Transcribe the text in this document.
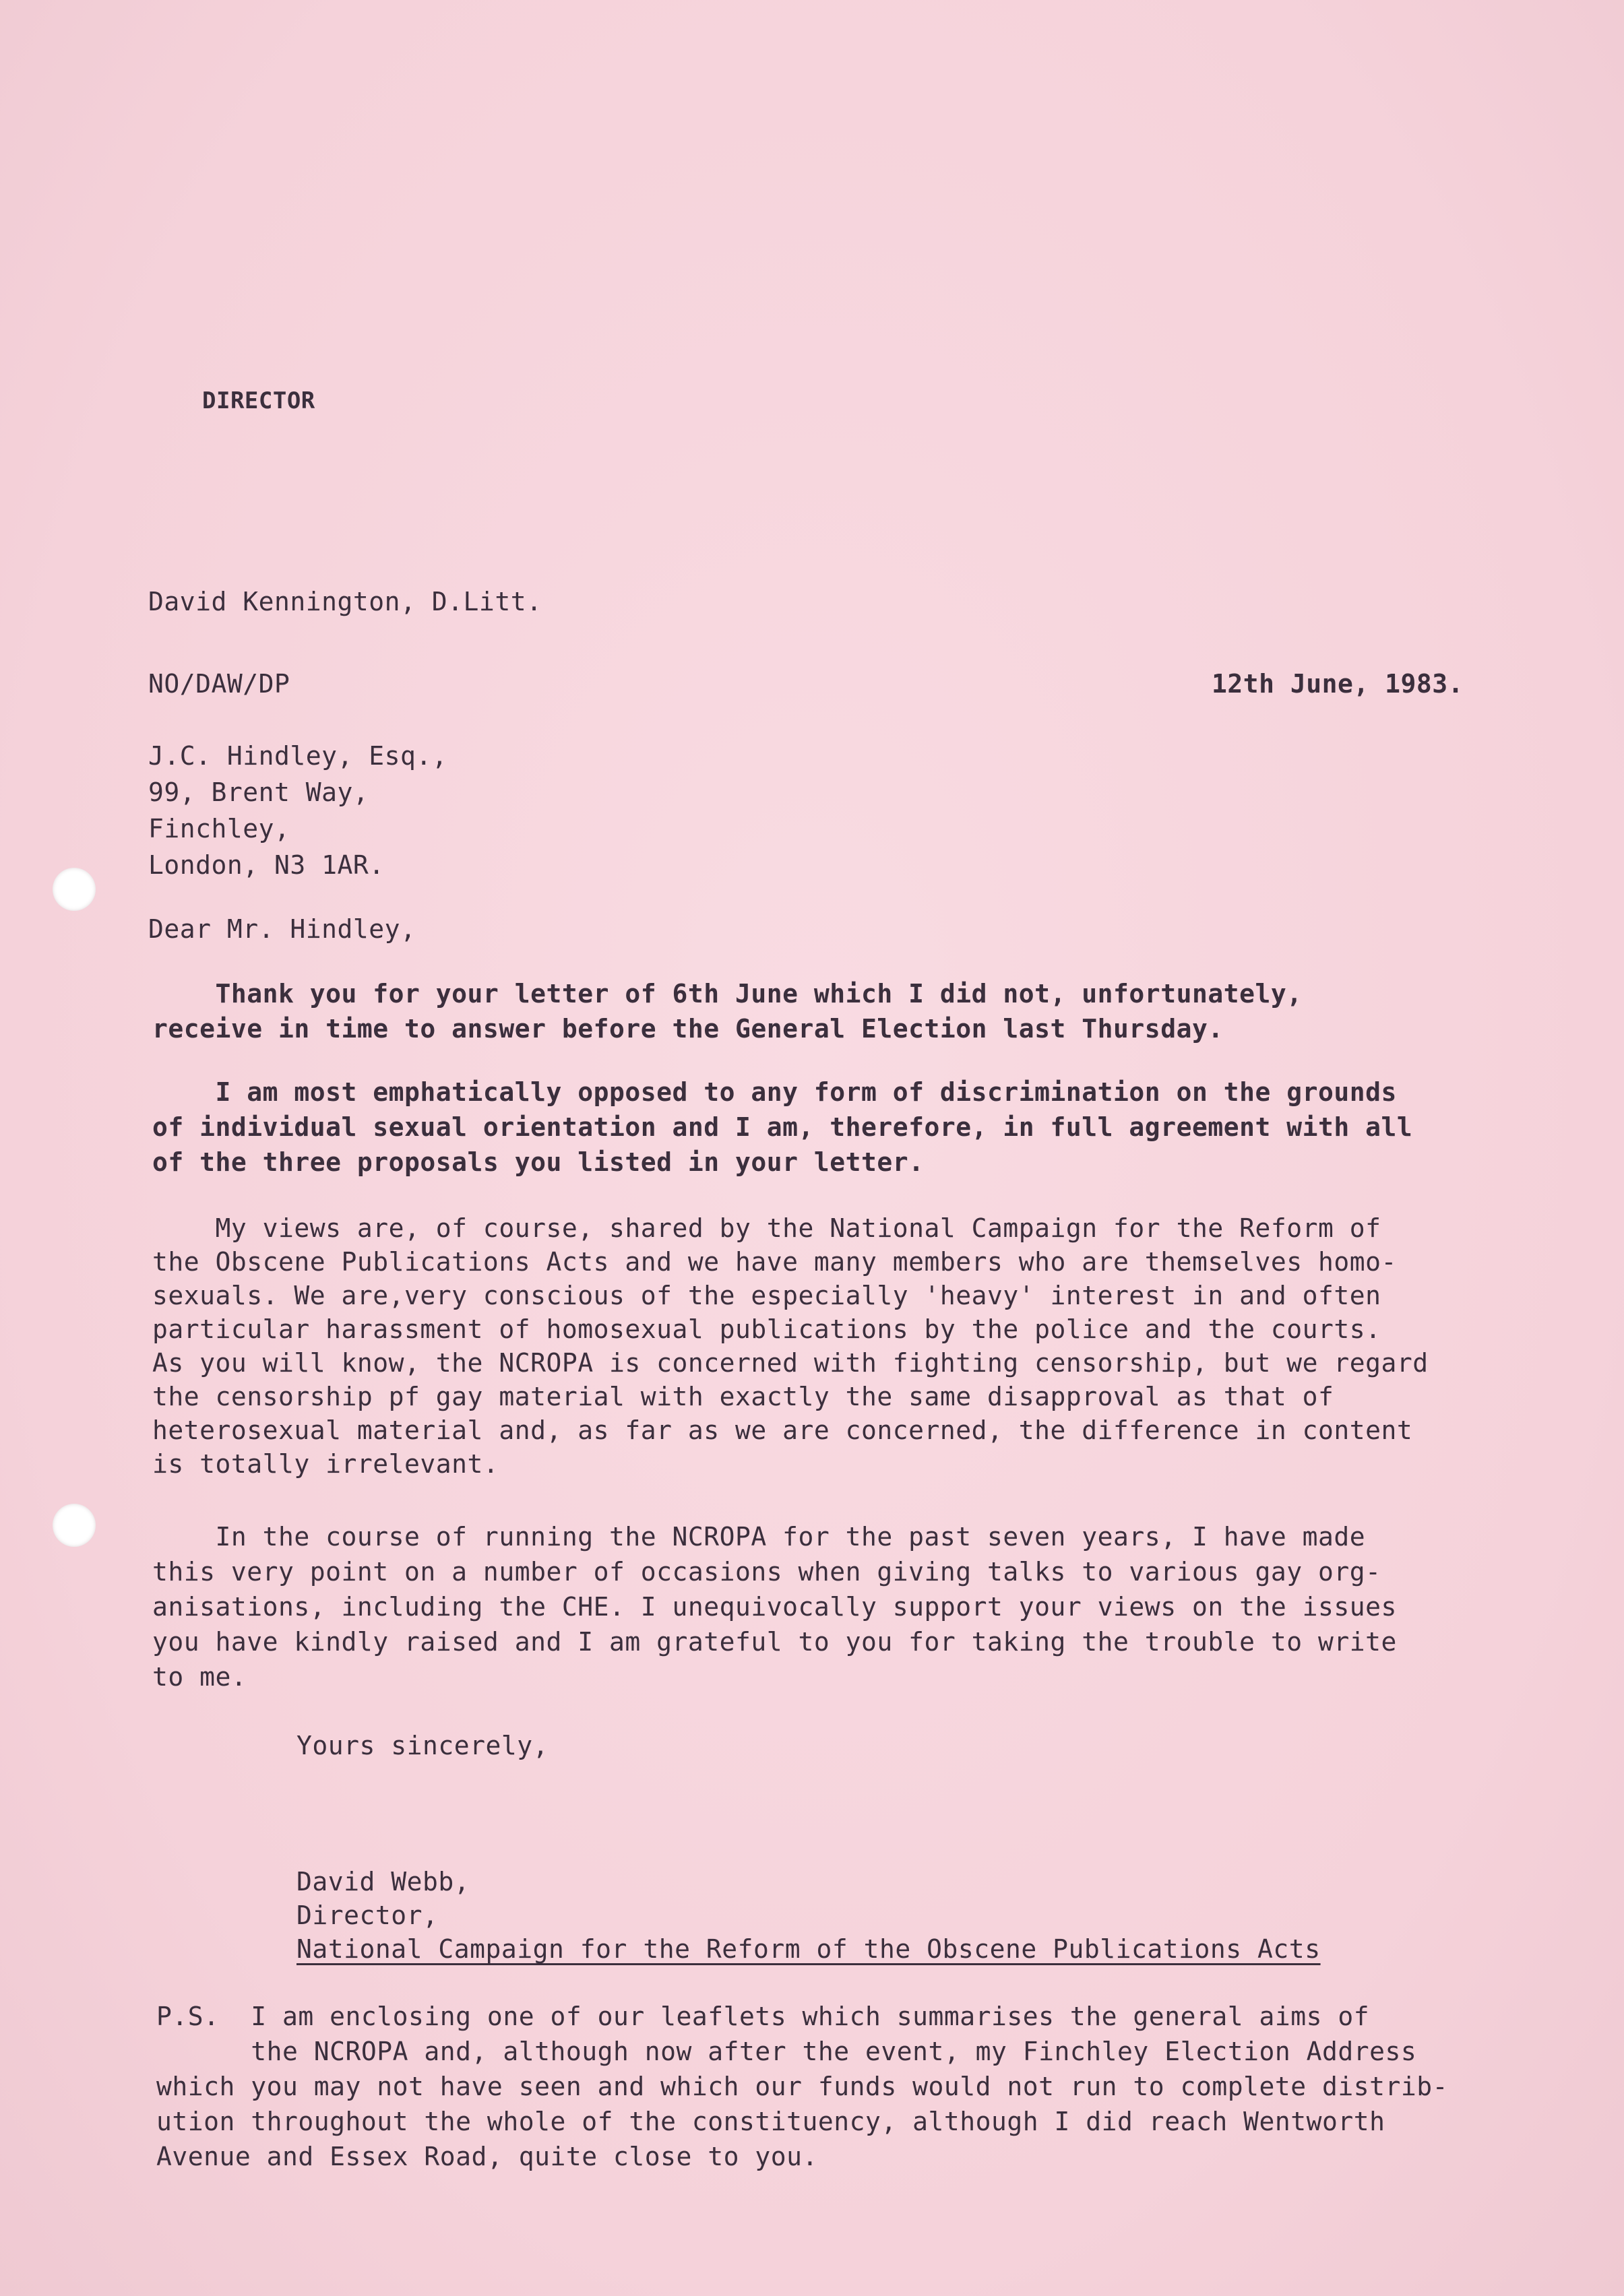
DIRECTOR
David Kennington, D.Litt.
NO/DAW/DP	12th June, 1983.
J.C. Hindley, Esq.,
99, Brent Way,
Finchley,
London, N3 1AR.
Dear Mr. Hindley,
Thank you for your letter of 6th June which I did not, unfortunately,
receive in time to answer before the General Election last Thursday.
I am most emphatically opposed to any form of discrimination on the grounds
of individual sexual orientation and I am, therefore, in full agreement with all
of the three proposals you listed in your letter.
My views are, of course, shared by the National Campaign for the Reform of
the Obscene Publications Acts and we have many members who are themselves homo-
sexuals. We are,very conscious of the especially 'heavy' interest in and often
particular harassment of homosexual publications by the police and the courts.
As you will know, the NCROPA is concerned with fighting censorship, but we regard
the censorship pf gay material with exactly the same disapproval as that of
heterosexual material and, as far as we are concerned, the difference in content
is totally irrelevant.
In the course of running the NCROPA for the past seven years, I have made
this very point on a number of occasions when giving talks to various gay org-
anisations, including the CHE. I unequivocally support your views on the issues
you have kindly raised and I am grateful to you for taking the trouble to write
to me.
Yours sincerely,
David Webb,
Director,
National Campaign for the Reform of the Obscene Publications Acts
P.S.  I am enclosing one of our leaflets which summarises the general aims of
the NCROPA and, although now after the event, my Finchley Election Address
which you may not have seen and which our funds would not run to complete distrib-
ution throughout the whole of the constituency, although I did reach Wentworth
Avenue and Essex Road, quite close to you.
